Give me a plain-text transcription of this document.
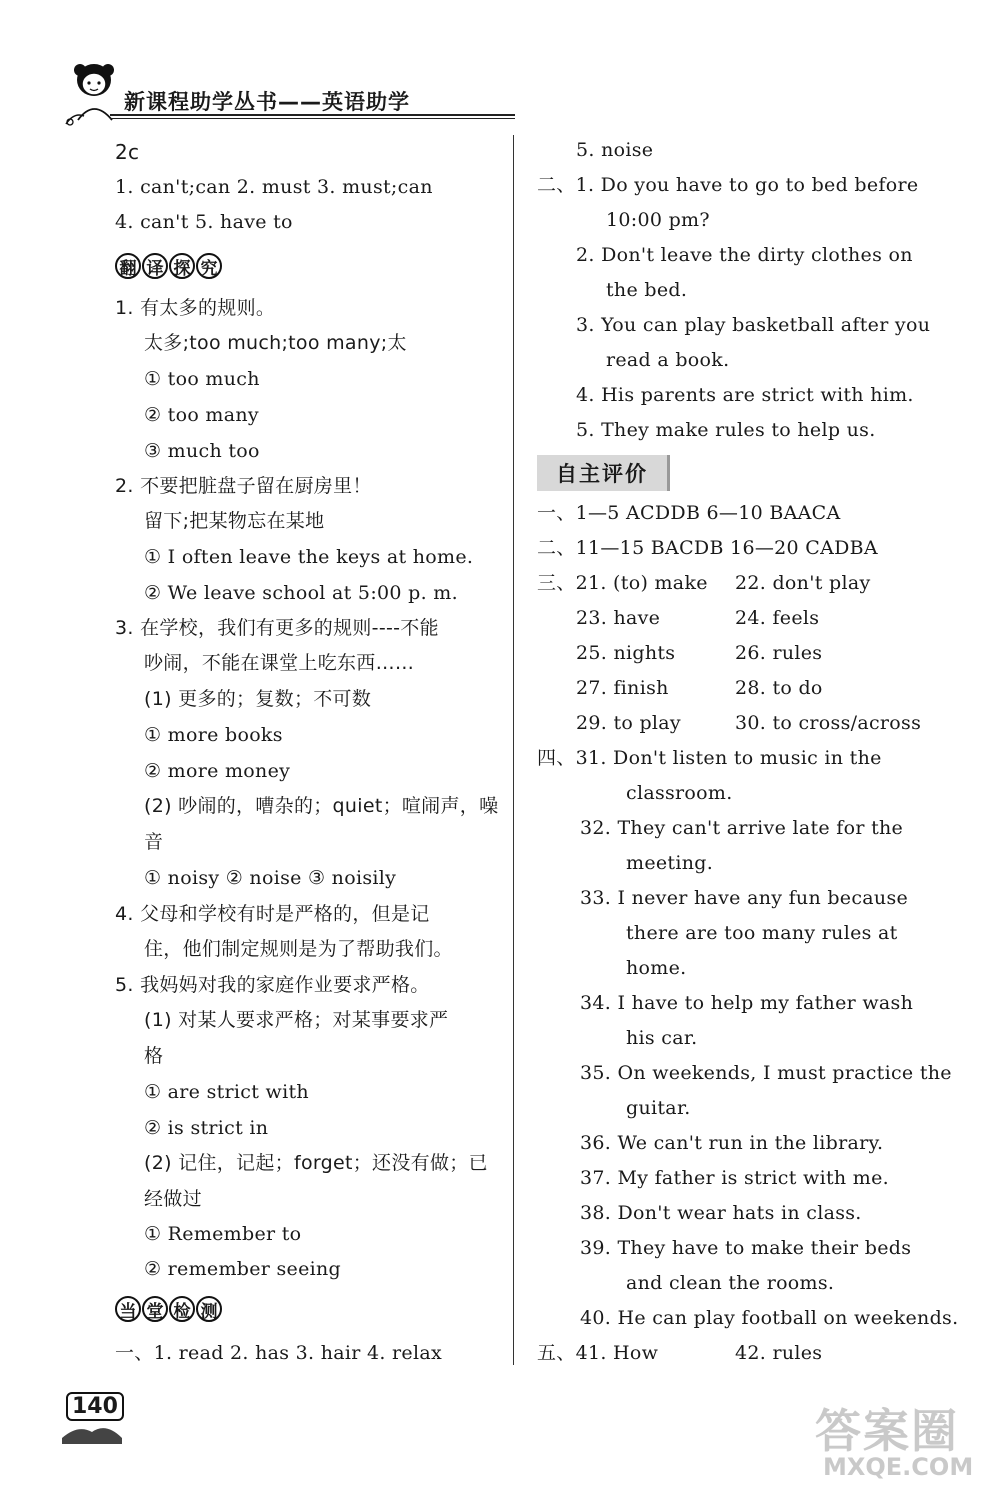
新课程助学丛书——英语助学
2c
1. can't;can 2. must 3. must;can
4. can't 5. have to
翻 译 探 究
1. 有太多的规则。
太多;too much;too many;太
① too much
② too many
③ much too
2. 不要把脏盘子留在厨房里！
留下;把某物忘在某地
① I often leave the keys at home.
② We leave school at 5:00 p. m.
3. 在学校，我们有更多的规则----不能
吵闹，不能在课堂上吃东西……
(1) 更多的；复数；不可数
① more books
② more money
(2) 吵闹的，嘈杂的；quiet；喧闹声，噪
音
① noisy ② noise ③ noisily
4. 父母和学校有时是严格的，但是记
住，他们制定规则是为了帮助我们。
5. 我妈妈对我的家庭作业要求严格。
(1) 对某人要求严格；对某事要求严
格
① are strict with
② is strict in
(2) 记住，记起；forget；还没有做；已
经做过
① Remember to
② remember seeing
当 堂 检 测
一、1. read 2. has 3. hair 4. relax
5. noise
二、1. Do you have to go to bed before
10:00 pm?
2. Don't leave the dirty clothes on
the bed.
3. You can play basketball after you
read a book.
4. His parents are strict with him.
5. They make rules to help us.
自主评价
一、1—5 ACDDB 6—10 BAACA
二、11—15 BACDB 16—20 CADBA
三、21. (to) make 22. don't play
23. have	24. feels
25. nights	26. rules
27. finish	28. to do
29. to play	30. to cross/across
四、31. Don't listen to music in the
classroom.
32. They can't arrive late for the
meeting.
33. I never have any fun because
there are too many rules at
home.
34. I have to help my father wash
his car.
35. On weekends, I must practice the
guitar.
36. We can't run in the library.
37. My father is strict with me.
38. Don't wear hats in class.
39. They have to make their beds
and clean the rooms.
40. He can play football on weekends.
五、41. How	42. rules
140	答案圈
MXQE.COM
